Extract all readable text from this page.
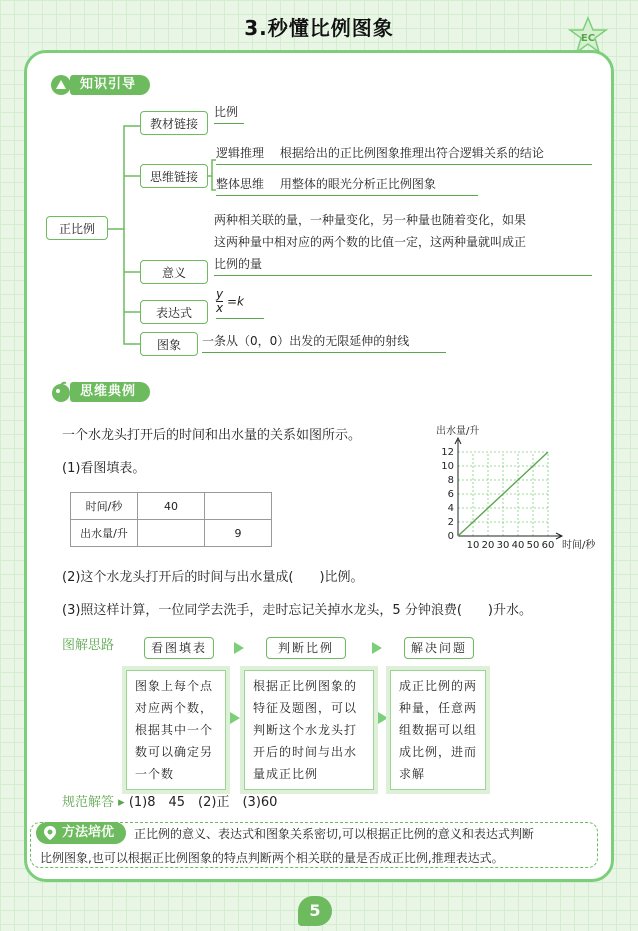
3.秒懂比例图象	EC
知识引导
正比例
教材链接
比例
思维链接
逻辑推理 根据给出的正比例图象推理出符合逻辑关系的结论
整体思维 用整体的眼光分析正比例图象
意义
两种相关联的量，一种量变化，另一种量也随着变化，如果
这两种量中相对应的两个数的比值一定，这两种量就叫成正
比例的量
表达式	$\frac{y}{x} =k$
图象	一条从（0，0）出发的无限延伸的射线
思维典例
一个水龙头打开后的时间和出水量的关系如图所示。
(1)看图填表。
时间/秒	40	
出水量/升		9
出水量/升
时间/秒
10 20 30 40 50 60
0
2
4
6
8
10
12
(2)这个水龙头打开后的时间与出水量成(　　)比例。
(3)照这样计算，一位同学去洗手，走时忘记关掉水龙头，5 分钟浪费(　　)升水。
图解思路	看图填表	判断比例	解决问题
图象上每个点
对应两个数，
根据其中一个
数可以确定另
一个数
根据正比例图象的
特征及题图，可以
判断这个水龙头打
开后的时间与出水
量成正比例
成正比例的两
种量，任意两
组数据可以组
成比例，进而
求解
规范解答 ▸ (1)8　45　(2)正　(3)60
方法培优	正比例的意义、表达式和图象关系密切,可以根据正比例的意义和表达式判断
比例图象,也可以根据正比例图象的特点判断两个相关联的量是否成正比例,推理表达式。
5
